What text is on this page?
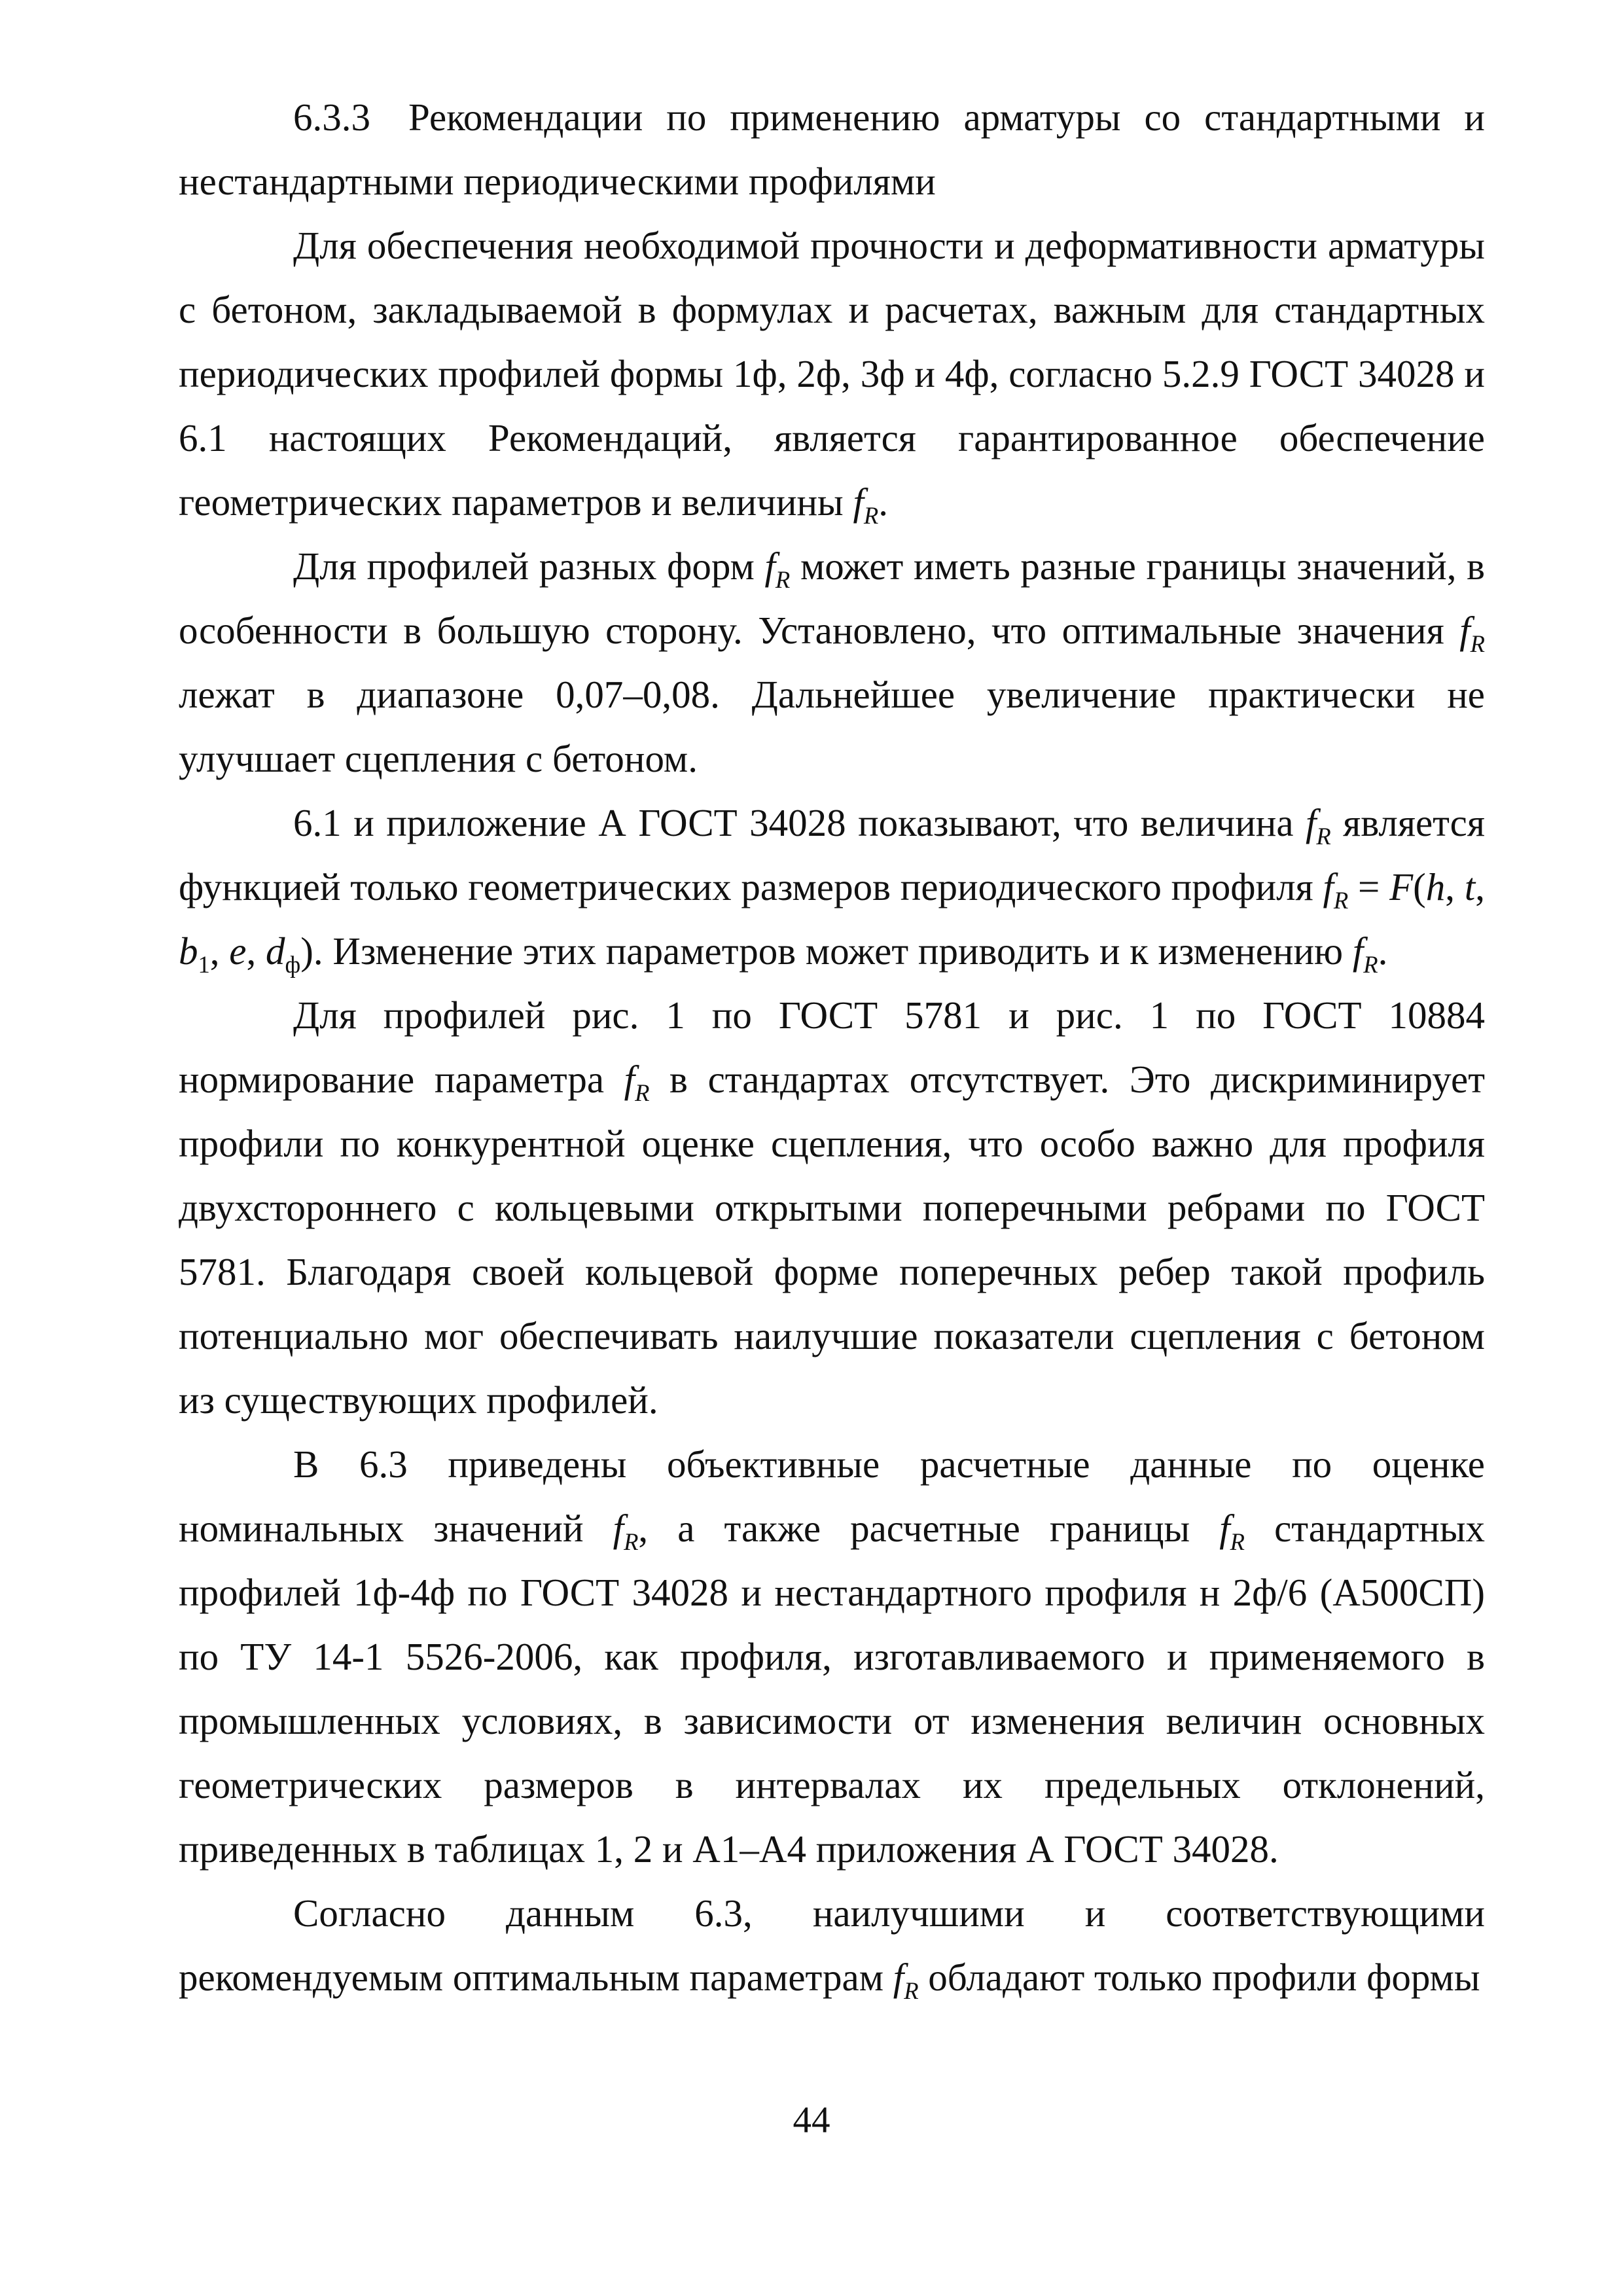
6.3.3 Рекомендации по применению арматуры со стандартными и нестандартными периодическими профилями

Для обеспечения необходимой прочности и деформативности арматуры с бетоном, закладываемой в формулах и расчетах, важным для стандартных периодических профилей формы 1ф, 2ф, 3ф и 4ф, согласно 5.2.9 ГОСТ 34028 и 6.1 настоящих Рекомендаций, является гарантированное обеспечение геометрических параметров и величины $f_R$.

Для профилей разных форм $f_R$ может иметь разные границы значений, в особенности в большую сторону. Установлено, что оптимальные значения $f_R$ лежат в диапазоне 0,07–0,08. Дальнейшее увеличение практически не улучшает сцепления с бетоном.

6.1 и приложение А ГОСТ 34028 показывают, что величина $f_R$ является функцией только геометрических размеров периодического профиля $f_R = F(h$, t, $b_1$, e, $d_ф$). Изменение этих параметров может приводить и к изменению $f_R$.

Для профилей рис. 1 по ГОСТ 5781 и рис. 1 по ГОСТ 10884 нормирование параметра $f_R$ в стандартах отсутствует. Это дискриминирует профили по конкурентной оценке сцепления, что особо важно для профиля двухстороннего с кольцевыми открытыми поперечными ребрами по ГОСТ 5781. Благодаря своей кольцевой форме поперечных ребер такой профиль потенциально мог обеспечивать наилучшие показатели сцепления с бетоном из существующих профилей.

В 6.3 приведены объективные расчетные данные по оценке номинальных значений $f_R$, а также расчетные границы $f_R$ стандартных профилей 1ф-4ф по ГОСТ 34028 и нестандартного профиля н 2ф/6 (А500СП) по ТУ 14-1 5526-2006, как профиля, изготавливаемого и применяемого в промышленных условиях, в зависимости от изменения величин основных геометрических размеров в интервалах их предельных отклонений, приведенных в таблицах 1, 2 и А1–А4 приложения А ГОСТ 34028.

Согласно данным 6.3, наилучшими и соответствующими рекомендуемым оптимальным параметрам $f_R$ обладают только профили формы

44
